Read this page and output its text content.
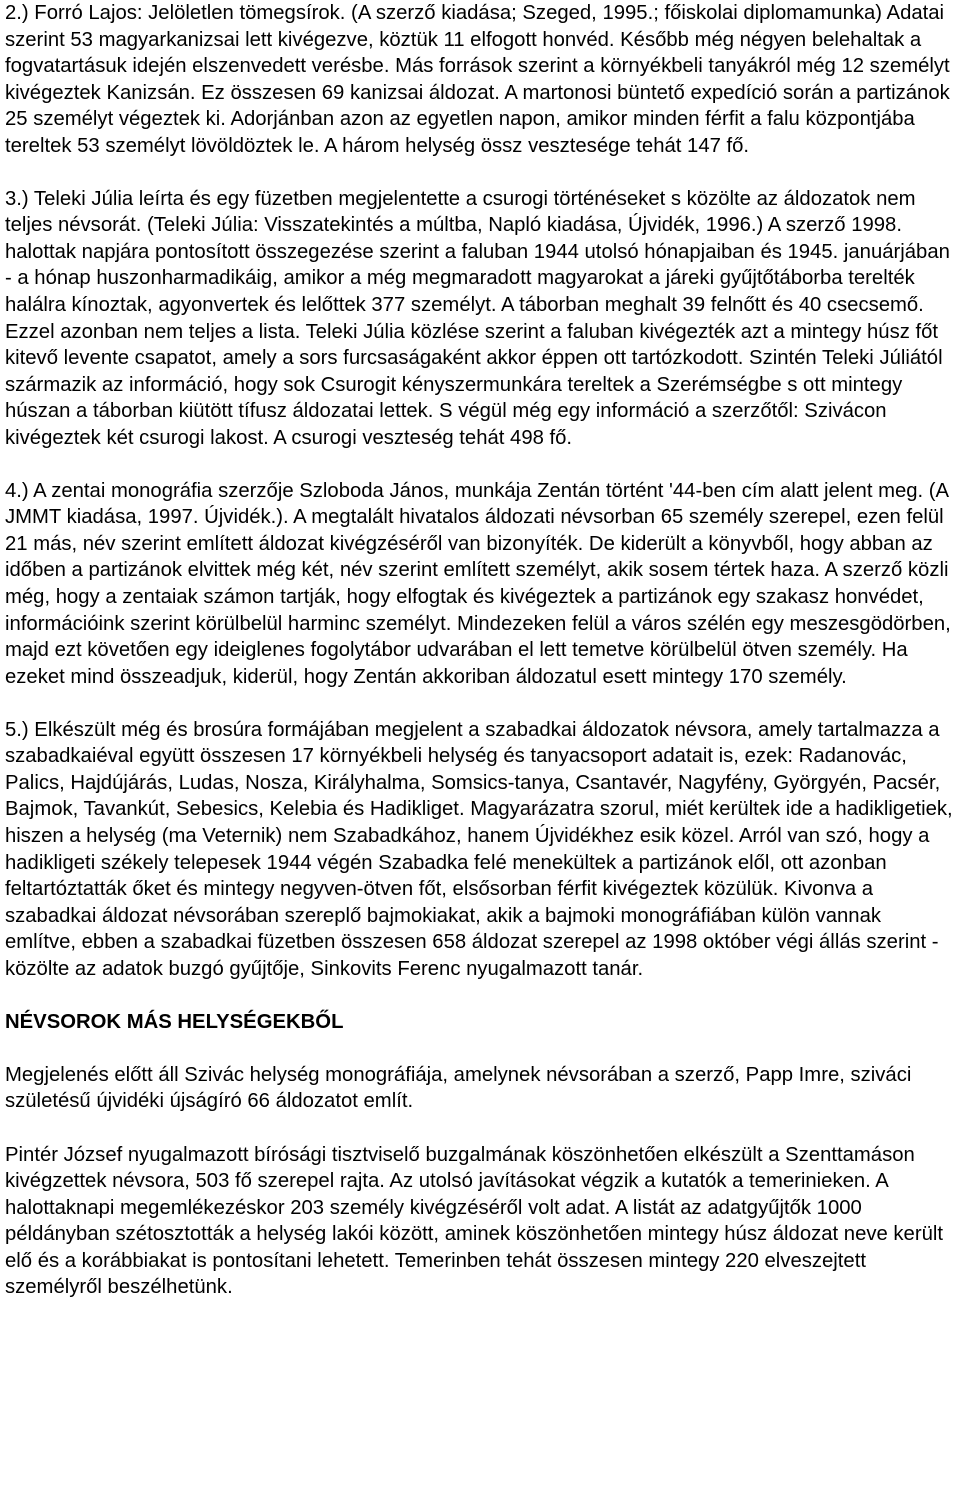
2.) Forró Lajos: Jelöletlen tömegsírok. (A szerző kiadása; Szeged, 1995.; főiskolai diplomamunka) Adatai szerint 53 magyarkanizsai lett kivégezve, köztük 11 elfogott honvéd. Később még négyen belehaltak a fogvatartásuk idején elszenvedett verésbe. Más források szerint a környékbeli tanyákról még 12 személyt kivégeztek Kanizsán. Ez összesen 69 kanizsai áldozat. A martonosi büntető expedíció során a partizánok 25 személyt végeztek ki. Adorjánban azon az egyetlen napon, amikor minden férfit a falu központjába tereltek 53 személyt lövöldöztek le. A három helység össz vesztesége tehát 147 fő.

3.) Teleki Júlia leírta és egy füzetben megjelentette a csurogi történéseket s közölte az áldozatok nem teljes névsorát. (Teleki Júlia: Visszatekintés a múltba, Napló kiadása, Újvidék, 1996.) A szerző 1998. halottak napjára pontosított összegezése szerint a faluban 1944 utolsó hónapjaiban és 1945. januárjában - a hónap huszonharmadikáig, amikor a még megmaradott magyarokat a járeki gyűjtőtáborba terelték halálra kínoztak, agyonvertek és lelőttek 377 személyt. A táborban meghalt 39 felnőtt és 40 csecsemő. Ezzel azonban nem teljes a lista. Teleki Júlia közlése szerint a faluban kivégezték azt a mintegy húsz főt kitevő levente csapatot, amely a sors furcsaságaként akkor éppen ott tartózkodott. Szintén Teleki Júliától származik az információ, hogy sok Csurogit kényszermunkára tereltek a Szerémségbe s ott mintegy húszan a táborban kiütött tífusz áldozatai lettek. S végül még egy információ a szerzőtől: Szivácon kivégeztek két csurogi lakost. A csurogi veszteség tehát 498 fő.

4.) A zentai monográfia szerzője Szloboda János, munkája Zentán történt '44-ben cím alatt jelent meg. (A JMMT kiadása, 1997. Újvidék.). A megtalált hivatalos áldozati névsorban 65 személy szerepel, ezen felül 21 más, név szerint említett áldozat kivégzéséről van bizonyíték. De kiderült a könyvből, hogy abban az időben a partizánok elvittek még két, név szerint említett személyt, akik sosem tértek haza. A szerző közli még, hogy a zentaiak számon tartják, hogy elfogtak és kivégeztek a partizánok egy szakasz honvédet, információink szerint körülbelül harminc személyt. Mindezeken felül a város szélén egy meszesgödörben, majd ezt követően egy ideiglenes fogolytábor udvarában el lett temetve körülbelül ötven személy. Ha ezeket mind összeadjuk, kiderül, hogy Zentán akkoriban áldozatul esett mintegy 170 személy.

5.) Elkészült még és brosúra formájában megjelent a szabadkai áldozatok névsora, amely tartalmazza a szabadkaiéval együtt összesen 17 környékbeli helység és tanyacsoport adatait is, ezek: Radanovác, Palics, Hajdújárás, Ludas, Nosza, Királyhalma, Somsics-tanya, Csantavér, Nagyfény, Györgyén, Pacsér, Bajmok, Tavankút, Sebesics, Kelebia és Hadikliget. Magyarázatra szorul, miét kerültek ide a hadikligetiek, hiszen a helység (ma Veternik) nem Szabadkához, hanem Újvidékhez esik közel. Arról van szó, hogy a hadikligeti székely telepesek 1944 végén Szabadka felé menekültek a partizánok elől, ott azonban feltartóztatták őket és mintegy negyven-ötven főt, elsősorban férfit kivégeztek közülük. Kivonva a szabadkai áldozat névsorában szereplő bajmokiakat, akik a bajmoki monográfiában külön vannak említve, ebben a szabadkai füzetben összesen 658 áldozat szerepel az 1998 október végi állás szerint - közölte az adatok buzgó gyűjtője, Sinkovits Ferenc nyugalmazott tanár.

NÉVSOROK MÁS HELYSÉGEKBŐL

Megjelenés előtt áll Szivác helység monográfiája, amelynek névsorában a szerző, Papp Imre, sziváci születésű újvidéki újságíró 66 áldozatot említ.

Pintér József nyugalmazott bírósági tisztviselő buzgalmának köszönhetően elkészült a Szenttamáson kivégzettek névsora, 503 fő szerepel rajta. Az utolsó javításokat végzik a kutatók a temerinieken. A halottaknapi megemlékezéskor 203 személy kivégzéséről volt adat. A listát az adatgyűjtők 1000 példányban szétosztották a helység lakói között, aminek köszönhetően mintegy húsz áldozat neve került elő és a korábbiakat is pontosítani lehetett. Temerinben tehát összesen mintegy 220 elveszejtett személyről beszélhetünk.
